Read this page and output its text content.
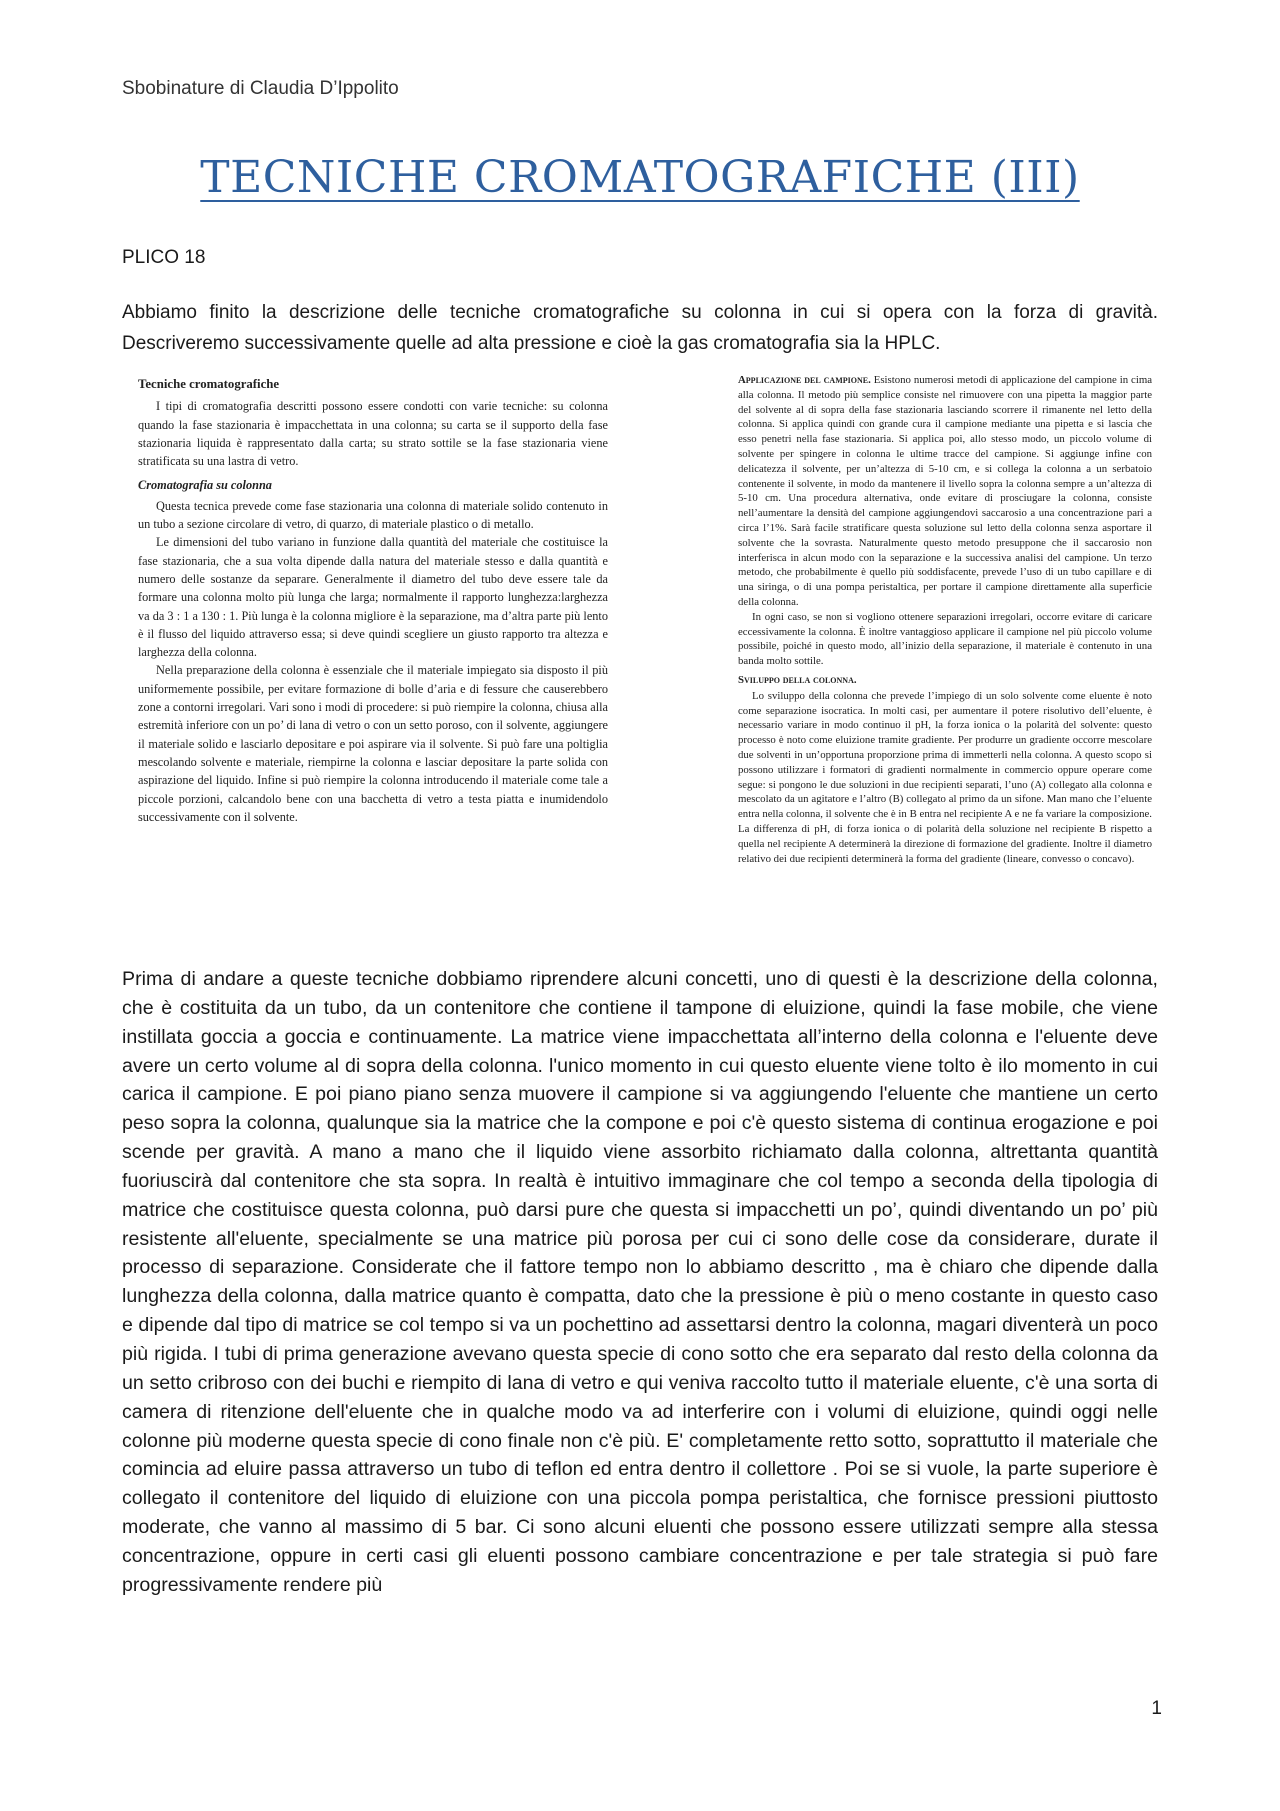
Sbobinature di Claudia D’Ippolito
TECNICHE CROMATOGRAFICHE (III)
PLICO 18

Abbiamo finito la descrizione delle tecniche cromatografiche su colonna in cui si opera con la forza di gravità. Descriveremo successivamente quelle ad alta pressione e cioè la gas cromatografia sia la HPLC.

Tecniche cromatografiche

I tipi di cromatografia descritti possono essere condotti con varie tecniche: su colonna quando la fase stazionaria è impacchettata in una colonna; su carta se il supporto della fase stazionaria liquida è rappresentato dalla carta; su strato sottile se la fase stazionaria viene stratificata su una lastra di vetro.

Cromatografia su colonna

Questa tecnica prevede come fase stazionaria una colonna di materiale solido contenuto in un tubo a sezione circolare di vetro, di quarzo, di materiale plastico o di metallo.

Le dimensioni del tubo variano in funzione dalla quantità del materiale che costituisce la fase stazionaria, che a sua volta dipende dalla natura del materiale stesso e dalla quantità e numero delle sostanze da separare. Generalmente il diametro del tubo deve essere tale da formare una colonna molto più lunga che larga; normalmente il rapporto lunghezza:larghezza va da 3 : 1 a 130 : 1. Più lunga è la colonna migliore è la separazione, ma d’altra parte più lento è il flusso del liquido attraverso essa; si deve quindi scegliere un giusto rapporto tra altezza e larghezza della colonna.

Nella preparazione della colonna è essenziale che il materiale impiegato sia disposto il più uniformemente possibile, per evitare formazione di bolle d’aria e di fessure che causerebbero zone a contorni irregolari. Vari sono i modi di procedere: si può riempire la colonna, chiusa alla estremità inferiore con un po’ di lana di vetro o con un setto poroso, con il solvente, aggiungere il materiale solido e lasciarlo depositare e poi aspirare via il solvente. Si può fare una poltiglia mescolando solvente e materiale, riempirne la colonna e lasciar depositare la parte solida con aspirazione del liquido. Infine si può riempire la colonna introducendo il materiale come tale a piccole porzioni, calcandolo bene con una bacchetta di vetro a testa piatta e inumidendolo successivamente con il solvente.

Applicazione del campione. Esistono numerosi metodi di applicazione del campione in cima alla colonna. Il metodo più semplice consiste nel rimuovere con una pipetta la maggior parte del solvente al di sopra della fase stazionaria lasciando scorrere il rimanente nel letto della colonna. Si applica quindi con grande cura il campione mediante una pipetta e si lascia che esso penetri nella fase stazionaria. Si applica poi, allo stesso modo, un piccolo volume di solvente per spingere in colonna le ultime tracce del campione. Si aggiunge infine con delicatezza il solvente, per un’altezza di 5-10 cm, e si collega la colonna a un serbatoio contenente il solvente, in modo da mantenere il livello sopra la colonna sempre a un’altezza di 5-10 cm. Una procedura alternativa, onde evitare di prosciugare la colonna, consiste nell’aumentare la densità del campione aggiungendovi saccarosio a una concentrazione pari a circa l’1%. Sarà facile stratificare questa soluzione sul letto della colonna senza asportare il solvente che la sovrasta. Naturalmente questo metodo presuppone che il saccarosio non interferisca in alcun modo con la separazione e la successiva analisi del campione. Un terzo metodo, che probabilmente è quello più soddisfacente, prevede l’uso di un tubo capillare e di una siringa, o di una pompa peristaltica, per portare il campione direttamente alla superficie della colonna.

In ogni caso, se non si vogliono ottenere separazioni irregolari, occorre evitare di caricare eccessivamente la colonna. È inoltre vantaggioso applicare il campione nel più piccolo volume possibile, poiché in questo modo, all’inizio della separazione, il materiale è contenuto in una banda molto sottile.

Sviluppo della colonna.

Lo sviluppo della colonna che prevede l’impiego di un solo solvente come eluente è noto come separazione isocratica. In molti casi, per aumentare il potere risolutivo dell’eluente, è necessario variare in modo continuo il pH, la forza ionica o la polarità del solvente: questo processo è noto come eluizione tramite gradiente. Per produrre un gradiente occorre mescolare due solventi in un’opportuna proporzione prima di immetterli nella colonna. A questo scopo si possono utilizzare i formatori di gradienti normalmente in commercio oppure operare come segue: si pongono le due soluzioni in due recipienti separati, l’uno (A) collegato alla colonna e mescolato da un agitatore e l’altro (B) collegato al primo da un sifone. Man mano che l’eluente entra nella colonna, il solvente che è in B entra nel recipiente A e ne fa variare la composizione. La differenza di pH, di forza ionica o di polarità della soluzione nel recipiente B rispetto a quella nel recipiente A determinerà la direzione di formazione del gradiente. Inoltre il diametro relativo dei due recipienti determinerà la forma del gradiente (lineare, convesso o concavo).

Prima di andare a queste tecniche dobbiamo riprendere alcuni concetti, uno di questi è la descrizione della colonna, che è costituita da un tubo, da un contenitore che contiene il tampone di eluizione, quindi la fase mobile, che viene instillata goccia a goccia e continuamente. La matrice viene impacchettata all’interno della colonna e l'eluente deve avere un certo volume al di sopra della colonna. l'unico momento in cui questo eluente viene tolto è ilo momento in cui carica il campione. E poi piano piano senza muovere il campione si va aggiungendo l'eluente che mantiene un certo peso sopra la colonna, qualunque sia la matrice che la compone e poi c'è questo sistema di continua erogazione e poi scende per gravità. A mano a mano che il liquido viene assorbito richiamato dalla colonna, altrettanta quantità fuoriuscirà dal contenitore che sta sopra. In realtà è intuitivo immaginare che col tempo a seconda della tipologia di matrice che costituisce questa colonna, può darsi pure che questa si impacchetti un po’, quindi diventando un po’ più resistente all'eluente, specialmente se una matrice più porosa per cui ci sono delle cose da considerare, durate il processo di separazione. Considerate che il fattore tempo non lo abbiamo descritto , ma è chiaro che dipende dalla lunghezza della colonna, dalla matrice quanto è compatta, dato che la pressione è più o meno costante in questo caso e dipende dal tipo di matrice se col tempo si va un pochettino ad assettarsi dentro la colonna, magari diventerà un poco più rigida. I tubi di prima generazione avevano questa specie di cono sotto che era separato dal resto della colonna da un setto cribroso con dei buchi e riempito di lana di vetro e qui veniva raccolto tutto il materiale eluente, c'è una sorta di camera di ritenzione dell'eluente che in qualche modo va ad interferire con i volumi di eluizione, quindi oggi nelle colonne più moderne questa specie di cono finale non c'è più. E' completamente retto sotto, soprattutto il materiale che comincia ad eluire passa attraverso un tubo di teflon ed entra dentro il collettore . Poi se si vuole, la parte superiore è collegato il contenitore del liquido di eluizione con una piccola pompa peristaltica, che fornisce pressioni piuttosto moderate, che vanno al massimo di 5 bar. Ci sono alcuni eluenti che possono essere utilizzati sempre alla stessa concentrazione, oppure in certi casi gli eluenti possono cambiare concentrazione e per tale strategia si può fare progressivamente rendere più

1
